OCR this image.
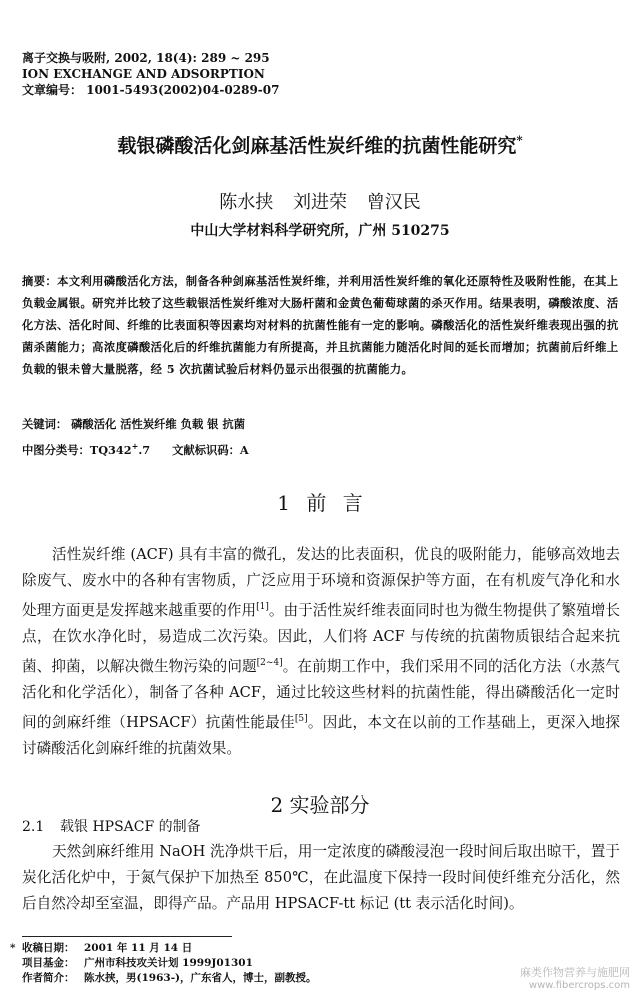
离子交换与吸附, 2002, 18(4): 289 ~ 295
ION EXCHANGE AND ADSORPTION
文章编号： 1001-5493(2002)04-0289-07
载银磷酸活化剑麻基活性炭纤维的抗菌性能研究*
陈水挟 刘进荣 曾汉民
中山大学材料科学研究所，广州 510275

摘要：本文利用磷酸活化方法，制备各种剑麻基活性炭纤维，并利用活性炭纤维的氧化还原特性及吸附性能，在其上负载金属银。研究并比较了这些载银活性炭纤维对大肠杆菌和金黄色葡萄球菌的杀灭作用。结果表明，磷酸浓度、活化方法、活化时间、纤维的比表面积等因素均对材料的抗菌性能有一定的影响。磷酸活化的活性炭纤维表现出强的抗菌杀菌能力；高浓度磷酸活化后的纤维抗菌能力有所提高，并且抗菌能力随活化时间的延长而增加；抗菌前后纤维上负载的银未曾大量脱落，经 5 次抗菌试验后材料仍显示出很强的抗菌能力。

关键词： 磷酸活化 活性炭纤维 负载 银 抗菌
中图分类号：TQ342+.7 文献标识码：A
1 前 言

活性炭纤维 (ACF) 具有丰富的微孔，发达的比表面积，优良的吸附能力，能够高效地去除废气、废水中的各种有害物质，广泛应用于环境和资源保护等方面，在有机废气净化和水处理方面更是发挥越来越重要的作用[1]。由于活性炭纤维表面同时也为微生物提供了繁殖增长点，在饮水净化时，易造成二次污染。因此，人们将 ACF 与传统的抗菌物质银结合起来抗菌、抑菌，以解决微生物污染的问题[2~4]。在前期工作中，我们采用不同的活化方法（水蒸气活化和化学活化），制备了各种 ACF，通过比较这些材料的抗菌性能，得出磷酸活化一定时间的剑麻纤维（HPSACF）抗菌性能最佳[5]。因此，本文在以前的工作基础上，更深入地探讨磷酸活化剑麻纤维的抗菌效果。

2 实验部分
2.1 载银 HPSACF 的制备

天然剑麻纤维用 NaOH 洗净烘干后，用一定浓度的磷酸浸泡一段时间后取出晾干，置于炭化活化炉中，于氮气保护下加热至 850℃，在此温度下保持一段时间使纤维充分活化，然后自然冷却至室温，即得产品。产品用 HPSACF-tt 标记 (tt 表示活化时间)。

* 收稿日期： 2001 年 11 月 14 日
项目基金： 广州市科技攻关计划 1999J01301
作者简介： 陈水挟，男(1963-)，广东省人，博士，副教授。	麻类作物营养与施肥网
www.fibercrops.com
